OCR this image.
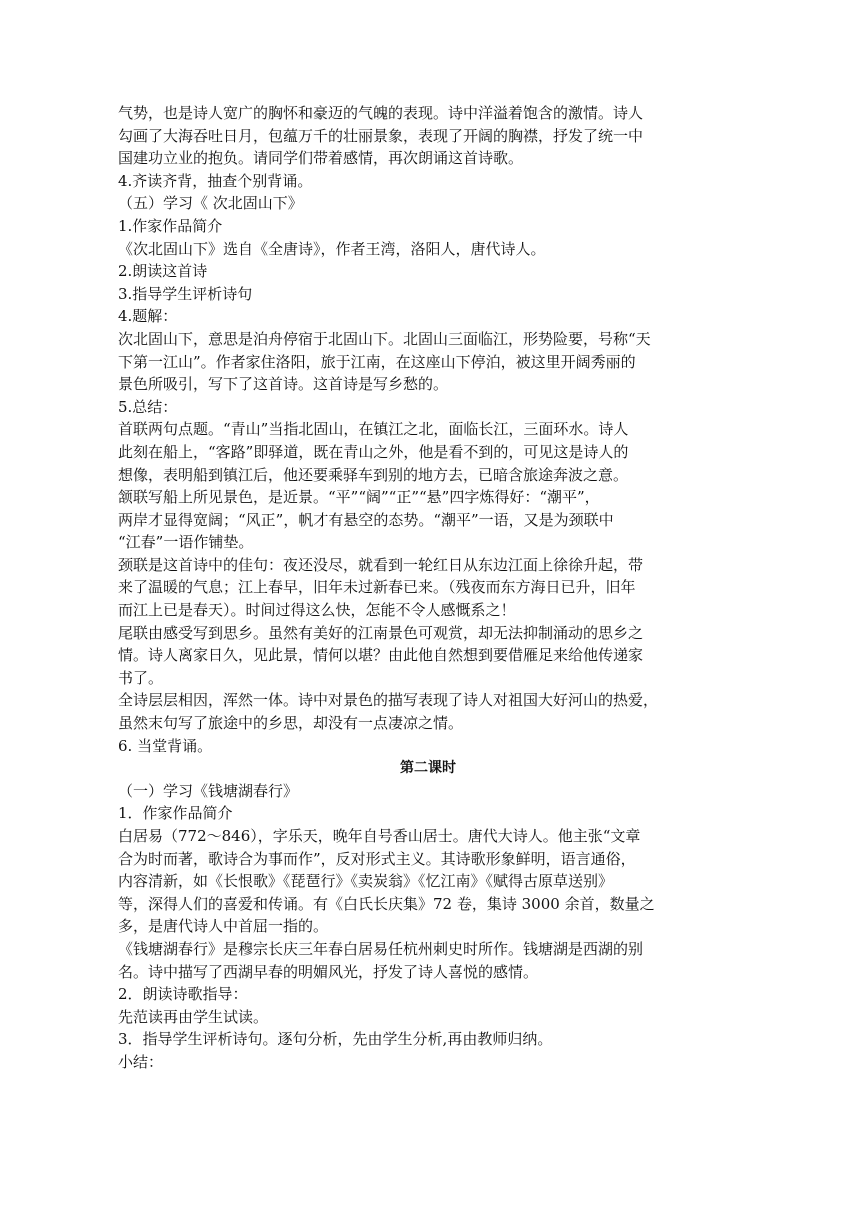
气势，也是诗人宽广的胸怀和豪迈的气魄的表现。诗中洋溢着饱含的激情。诗人
勾画了大海吞吐日月，包蕴万千的壮丽景象，表现了开阔的胸襟，抒发了统一中
国建功立业的抱负。请同学们带着感情，再次朗诵这首诗歌。
4.齐读齐背，抽查个别背诵。
（五）学习《 次北固山下》
1.作家作品简介
《次北固山下》选自《全唐诗》，作者王湾，洛阳人，唐代诗人。
2.朗读这首诗
3.指导学生评析诗句
4.题解：
次北固山下，意思是泊舟停宿于北固山下。北固山三面临江，形势险要，号称“天
下第一江山”。作者家住洛阳，旅于江南，在这座山下停泊，被这里开阔秀丽的
景色所吸引，写下了这首诗。这首诗是写乡愁的。
5.总结：
首联两句点题。“青山”当指北固山，在镇江之北，面临长江，三面环水。诗人
此刻在船上，“客路”即驿道，既在青山之外，他是看不到的，可见这是诗人的
想像，表明船到镇江后，他还要乘驿车到别的地方去，已暗含旅途奔波之意。
颔联写船上所见景色，是近景。“平”“阔”“正”“悬”四字炼得好：“潮平”，
两岸才显得宽阔；“风正”，帆才有悬空的态势。“潮平”一语，又是为颈联中
“江春”一语作铺垫。
颈联是这首诗中的佳句：夜还没尽，就看到一轮红日从东边江面上徐徐升起，带
来了温暖的气息；江上春早，旧年未过新春已来。（残夜而东方海日已升，旧年
而江上已是春天）。时间过得这么快，怎能不令人感慨系之！
尾联由感受写到思乡。虽然有美好的江南景色可观赏，却无法抑制涌动的思乡之
情。诗人离家日久，见此景，情何以堪？由此他自然想到要借雁足来给他传递家
书了。
全诗层层相因，浑然一体。诗中对景色的描写表现了诗人对祖国大好河山的热爱，
虽然末句写了旅途中的乡思，却没有一点凄凉之情。
6. 当堂背诵。
第二课时
（一）学习《钱塘湖春行》
1．作家作品简介
白居易（772～846），字乐天，晚年自号香山居士。唐代大诗人。他主张“文章
合为时而著，歌诗合为事而作”，反对形式主义。其诗歌形象鲜明，语言通俗，
内容清新，如《长恨歌》《琵琶行》《卖炭翁》《忆江南》《赋得古原草送别》
等，深得人们的喜爱和传诵。有《白氏长庆集》72 卷，集诗 3000 余首，数量之
多，是唐代诗人中首屈一指的。
《钱塘湖春行》是穆宗长庆三年春白居易任杭州刺史时所作。钱塘湖是西湖的别
名。诗中描写了西湖早春的明媚风光，抒发了诗人喜悦的感情。
2．朗读诗歌指导：
先范读再由学生试读。
3．指导学生评析诗句。逐句分析，先由学生分析,再由教师归纳。
小结：
